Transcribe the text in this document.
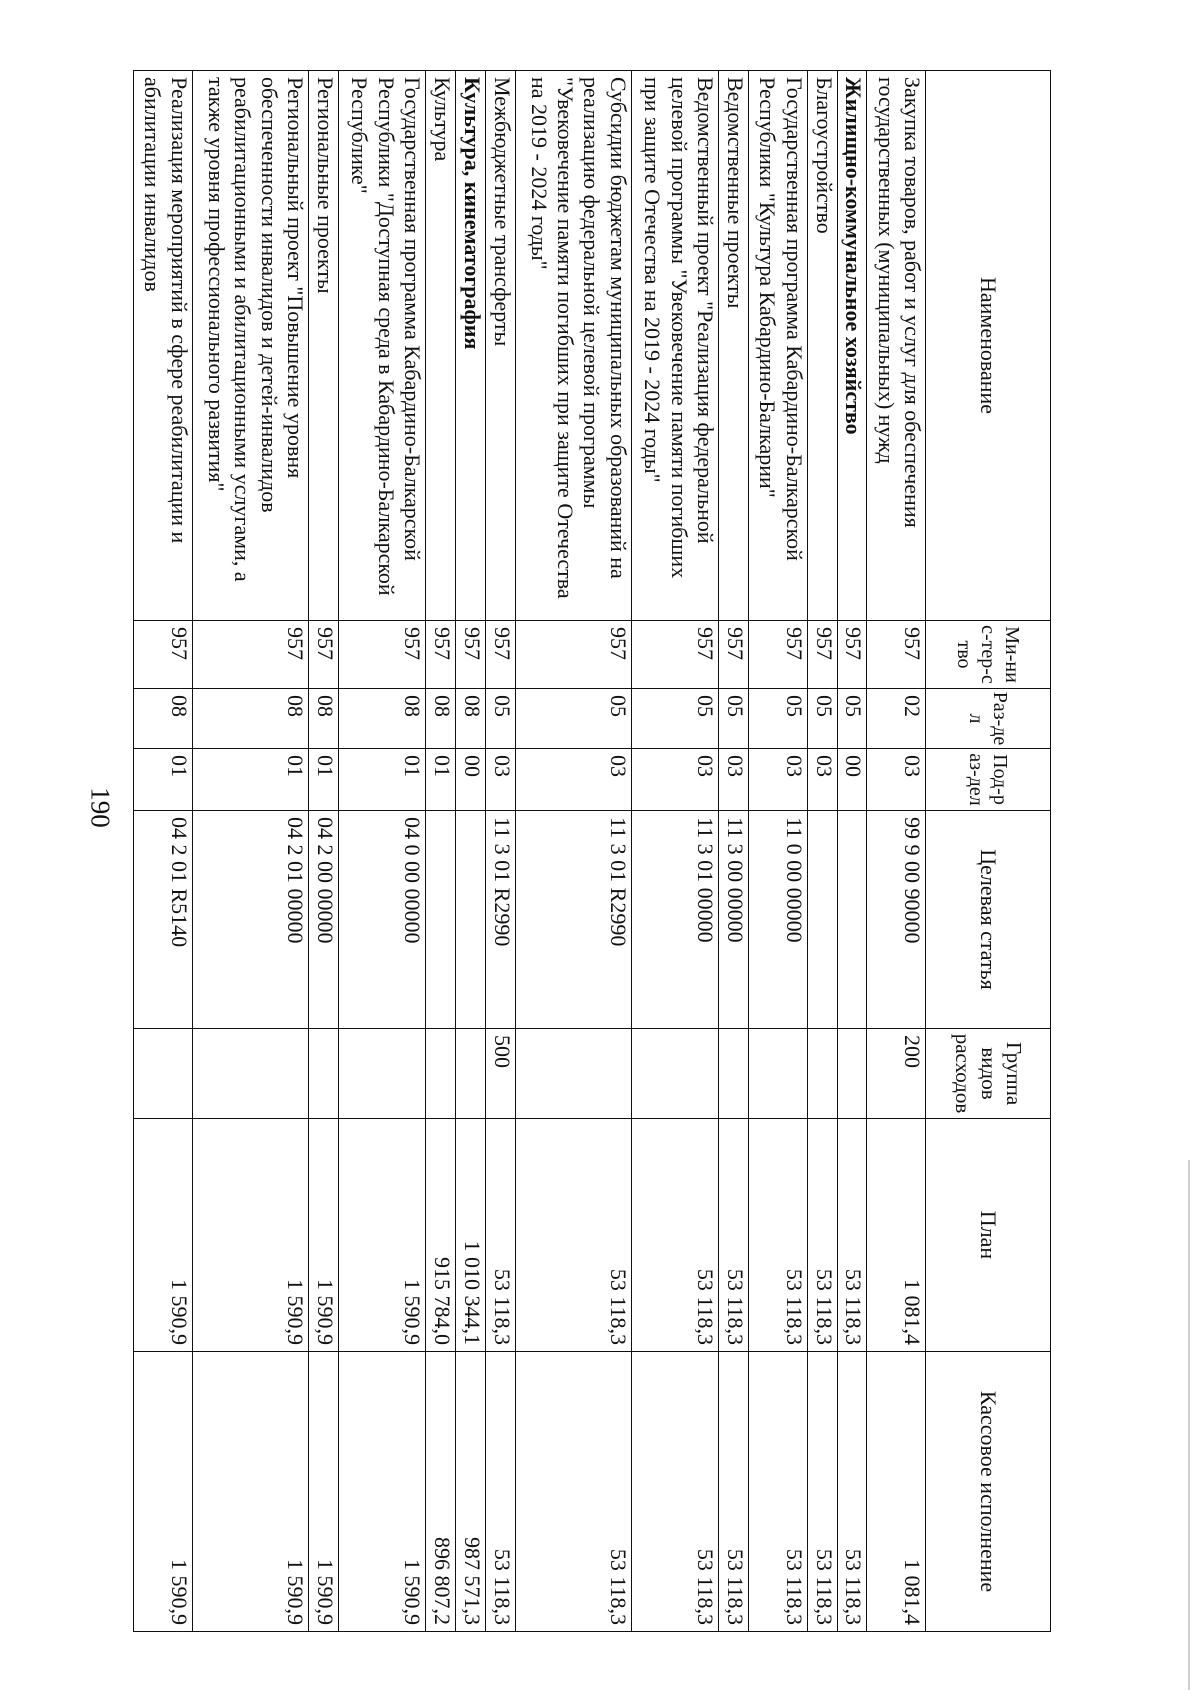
190
Наименование	Ми-нис-тер-ство	Раз-дел	Под-раз-дел	Целевая статья	Группа видов расходов	План	Кассовое исполнение
Закупка товаров, работ и услуг для обеспечения государственных (муниципальных) нужд	957	02	03	99 9 00 90000	200	1 081,4	1 081,4
Жилищно-коммунальное хозяйство	957	05	00			53 118,3	53 118,3
Благоустройство	957	05	03			53 118,3	53 118,3
Государственная программа Кабардино-Балкарской Республики "Культура Кабардино-Балкарии"	957	05	03	11 0 00 00000		53 118,3	53 118,3
Ведомственные проекты	957	05	03	11 3 00 00000		53 118,3	53 118,3
Ведомственный проект "Реализация федеральной целевой программы "Увековечение памяти погибших при защите Отечества на 2019 - 2024 годы"	957	05	03	11 3 01 00000		53 118,3	53 118,3
Субсидии бюджетам муниципальных образований на реализацию федеральной целевой программы "Увековечение памяти погибших при защите Отечества на 2019 - 2024 годы"	957	05	03	11 3 01 R2990		53 118,3	53 118,3
Межбюджетные трансферты	957	05	03	11 3 01 R2990	500	53 118,3	53 118,3
Культура, кинематография	957	08	00			1 010 344,1	987 571,3
Культура	957	08	01			915 784,0	896 807,2
Государственная программа Кабардино-Балкарской Республики "Доступная среда в Кабардино-Балкарской Республике"	957	08	01	04 0 00 00000		1 590,9	1 590,9
Региональные проекты	957	08	01	04 2 00 00000		1 590,9	1 590,9
Региональный проект "Повышение уровня обеспеченности инвалидов и детей-инвалидов реабилитационными и абилитационными услугами, а также уровня профессионального развития"	957	08	01	04 2 01 00000		1 590,9	1 590,9
Реализация мероприятий в сфере реабилитации и абилитации инвалидов	957	08	01	04 2 01 R5140		1 590,9	1 590,9
